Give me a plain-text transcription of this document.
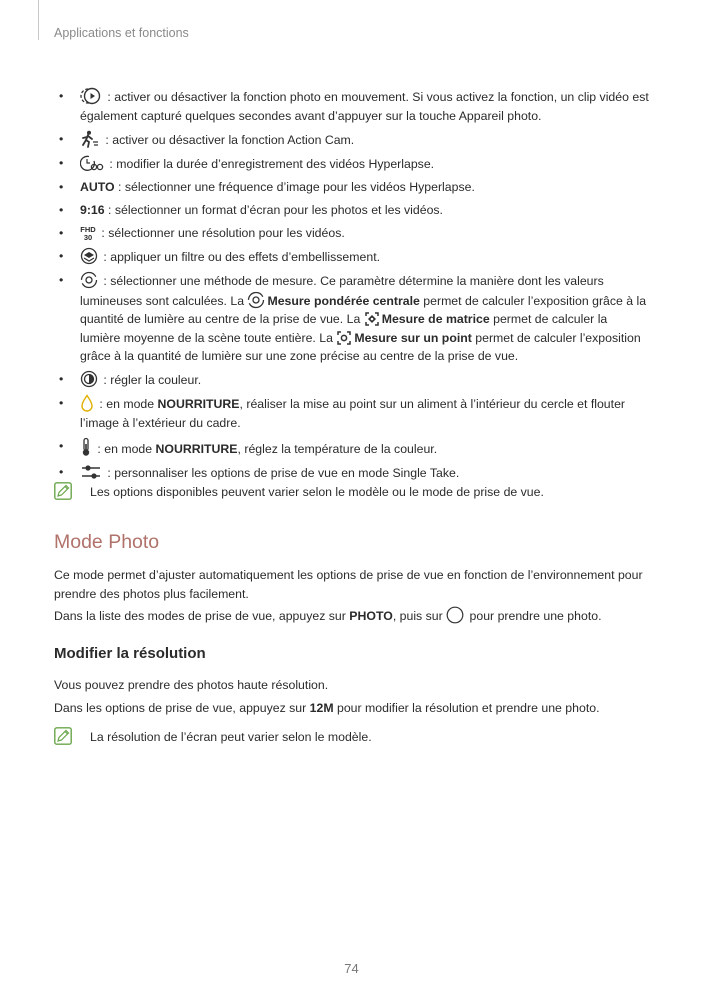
Applications et fonctions
•	: activer ou désactiver la fonction photo en mouvement. Si vous activez la fonction, un clip vidéo est également capturé quelques secondes avant d’appuyer sur la touche Appareil photo.
•	: activer ou désactiver la fonction Action Cam.
•	: modifier la durée d’enregistrement des vidéos Hyperlapse.
• AUTO : sélectionner une fréquence d’image pour les vidéos Hyperlapse.
• 9:16 : sélectionner un format d’écran pour les photos et les vidéos.
• FHD
30 : sélectionner une résolution pour les vidéos.
•	: appliquer un filtre ou des effets d’embellissement.
•	: sélectionner une méthode de mesure. Ce paramètre détermine la manière dont les valeurs lumineuses sont calculées. La
Mesure pondérée centrale permet de calculer l’exposition grâce à la quantité de lumière au centre de la prise de vue. La
Mesure de matrice permet de calculer la lumière moyenne de la scène toute entière. La
Mesure sur un point permet de calculer l’exposition grâce à la quantité de lumière sur une zone précise au centre de la prise de vue.
•	: régler la couleur.
•	: en mode NOURRITURE, réaliser la mise au point sur un aliment à l’intérieur du cercle et flouter l’image à l’extérieur du cadre.
• : en mode NOURRITURE, réglez la température de la couleur.
•	: personnaliser les options de prise de vue en mode Single Take.
Les options disponibles peuvent varier selon le modèle ou le mode de prise de vue.
Mode Photo

Ce mode permet d’ajuster automatiquement les options de prise de vue en fonction de l’environnement pour prendre des photos plus facilement.

Dans la liste des modes de prise de vue, appuyez sur PHOTO, puis sur
pour prendre une photo.

Modifier la résolution

Vous pouvez prendre des photos haute résolution.

Dans les options de prise de vue, appuyez sur 12M pour modifier la résolution et prendre une photo.

La résolution de l’écran peut varier selon le modèle.
74
